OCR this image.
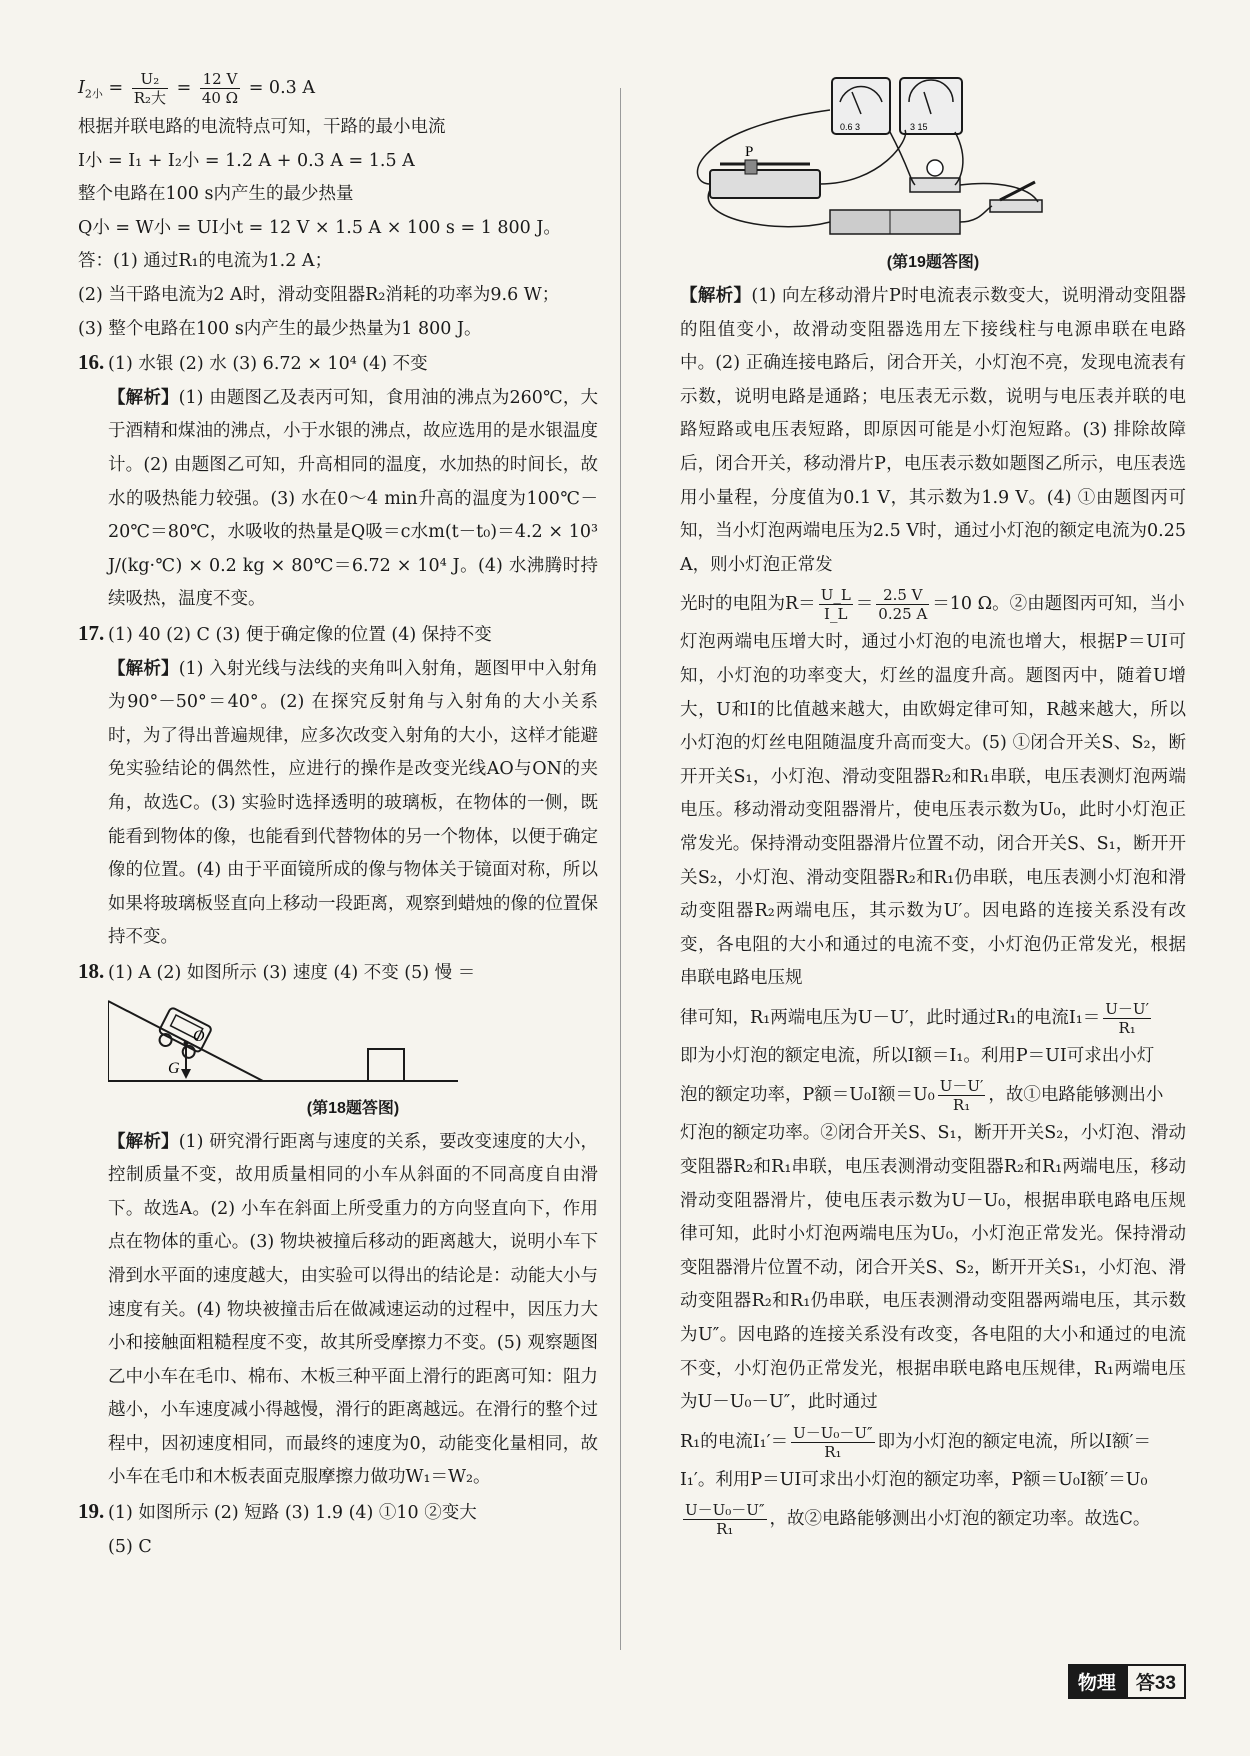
$I_{2小} = \frac{\text{U₂}}{\text{R₂大}} = \frac{12 V}{40 \Omega} = 0.3$ A

根据并联电路的电流特点可知，干路的最小电流

I小 = I₁ + I₂小 = 1.2 A + 0.3 A = 1.5 A

整个电路在100 s内产生的最少热量

Q小 = W小 = UI小t = 12 V × 1.5 A × 100 s = 1 800 J。

答：(1) 通过R₁的电流为1.2 A；

(2) 当干路电流为2 A时，滑动变阻器R₂消耗的功率为9.6 W；

(3) 整个电路在100 s内产生的最少热量为1 800 J。

16. (1) 水银 (2) 水 (3) 6.72 × 10⁴ (4) 不变

【解析】(1) 由题图乙及表丙可知，食用油的沸点为260℃，大于酒精和煤油的沸点，小于水银的沸点，故应选用的是水银温度计。(2) 由题图乙可知，升高相同的温度，水加热的时间长，故水的吸热能力较强。(3) 水在0～4 min升高的温度为100℃－20℃＝80℃，水吸收的热量是Q吸＝c水m(t－t₀)＝4.2 × 10³ J/(kg·℃) × 0.2 kg × 80℃＝6.72 × 10⁴ J。(4) 水沸腾时持续吸热，温度不变。

17. (1) 40 (2) C (3) 便于确定像的位置 (4) 保持不变

【解析】(1) 入射光线与法线的夹角叫入射角，题图甲中入射角为90°－50°＝40°。(2) 在探究反射角与入射角的大小关系时，为了得出普遍规律，应多次改变入射角的大小，这样才能避免实验结论的偶然性，应进行的操作是改变光线AO与ON的夹角，故选C。(3) 实验时选择透明的玻璃板，在物体的一侧，既能看到物体的像，也能看到代替物体的另一个物体，以便于确定像的位置。(4) 由于平面镜所成的像与物体关于镜面对称，所以如果将玻璃板竖直向上移动一段距离，观察到蜡烛的像的位置保持不变。

18. (1) A (2) 如图所示 (3) 速度 (4) 不变 (5) 慢 ＝

O
G
(第18题答图)

【解析】(1) 研究滑行距离与速度的关系，要改变速度的大小，控制质量不变，故用质量相同的小车从斜面的不同高度自由滑下。故选A。(2) 小车在斜面上所受重力的方向竖直向下，作用点在物体的重心。(3) 物块被撞后移动的距离越大，说明小车下滑到水平面的速度越大，由实验可以得出的结论是：动能大小与速度有关。(4) 物块被撞击后在做减速运动的过程中，因压力大小和接触面粗糙程度不变，故其所受摩擦力不变。(5) 观察题图乙中小车在毛巾、棉布、木板三种平面上滑行的距离可知：阻力越小，小车速度减小得越慢，滑行的距离越远。在滑行的整个过程中，因初速度相同，而最终的速度为0，动能变化量相同，故小车在毛巾和木板表面克服摩擦力做功W₁＝W₂。

19. (1) 如图所示 (2) 短路 (3) 1.9 (4) ①10 ②变大

(5) C

0.6 3	3 15
P
(第19题答图)

【解析】(1) 向左移动滑片P时电流表示数变大，说明滑动变阻器的阻值变小，故滑动变阻器选用左下接线柱与电源串联在电路中。(2) 正确连接电路后，闭合开关，小灯泡不亮，发现电流表有示数，说明电路是通路；电压表无示数，说明与电压表并联的电路短路或电压表短路，即原因可能是小灯泡短路。(3) 排除故障后，闭合开关，移动滑片P，电压表示数如题图乙所示，电压表选用小量程，分度值为0.1 V，其示数为1.9 V。(4) ①由题图丙可知，当小灯泡两端电压为2.5 V时，通过小灯泡的额定电流为0.25 A，则小灯泡正常发

光时的电阻为$R= \frac{U\_L}{I\_L} = \frac{2.5 V}{0.25 A} =10$ Ω。②由题图丙可知，当小

灯泡两端电压增大时，通过小灯泡的电流也增大，根据P＝UI可知，小灯泡的功率变大，灯丝的温度升高。题图丙中，随着U增大，U和I的比值越来越大，由欧姆定律可知，R越来越大，所以小灯泡的灯丝电阻随温度升高而变大。(5) ①闭合开关S、S₂，断开开关S₁，小灯泡、滑动变阻器R₂和R₁串联，电压表测灯泡两端电压。移动滑动变阻器滑片，使电压表示数为U₀，此时小灯泡正常发光。保持滑动变阻器滑片位置不动，闭合开关S、S₁，断开开关S₂，小灯泡、滑动变阻器R₂和R₁仍串联，电压表测小灯泡和滑动变阻器R₂两端电压，其示数为U′。因电路的连接关系没有改变，各电阻的大小和通过的电流不变，小灯泡仍正常发光，根据串联电路电压规

律可知，R₁两端电压为U－U′，此时通过R₁的电流$I_1= \frac{U-U'}{\text{R₁}}$

即为小灯泡的额定电流，所以I额＝I₁。利用P＝UI可求出小灯

泡的额定功率，P额＝U₀I额$=U_0 \frac{U-U'}{\text{R₁}}$ ，故①电路能够测出小

灯泡的额定功率。②闭合开关S、S₁，断开开关S₂，小灯泡、滑动变阻器R₂和R₁串联，电压表测滑动变阻器R₂和R₁两端电压，移动滑动变阻器滑片，使电压表示数为U－U₀，根据串联电路电压规律可知，此时小灯泡两端电压为U₀，小灯泡正常发光。保持滑动变阻器滑片位置不动，闭合开关S、S₂，断开开关S₁，小灯泡、滑动变阻器R₂和R₁仍串联，电压表测滑动变阻器两端电压，其示数为U″。因电路的连接关系没有改变，各电阻的大小和通过的电流不变，小灯泡仍正常发光，根据串联电路电压规律，R₁两端电压为U－U₀－U″，此时通过

R₁的电流$I_1'= \frac{\text{U－U₀－U″}}{\text{R₁}}$ 即为小灯泡的额定电流，所以I额′＝

I₁′。利用P＝UI可求出小灯泡的额定功率，P额＝U₀I额′＝U₀

$\frac{\text{U－U₀－U″}}{\text{R₁}}$ ，故②电路能够测出小灯泡的额定功率。故选C。
物理	答33
